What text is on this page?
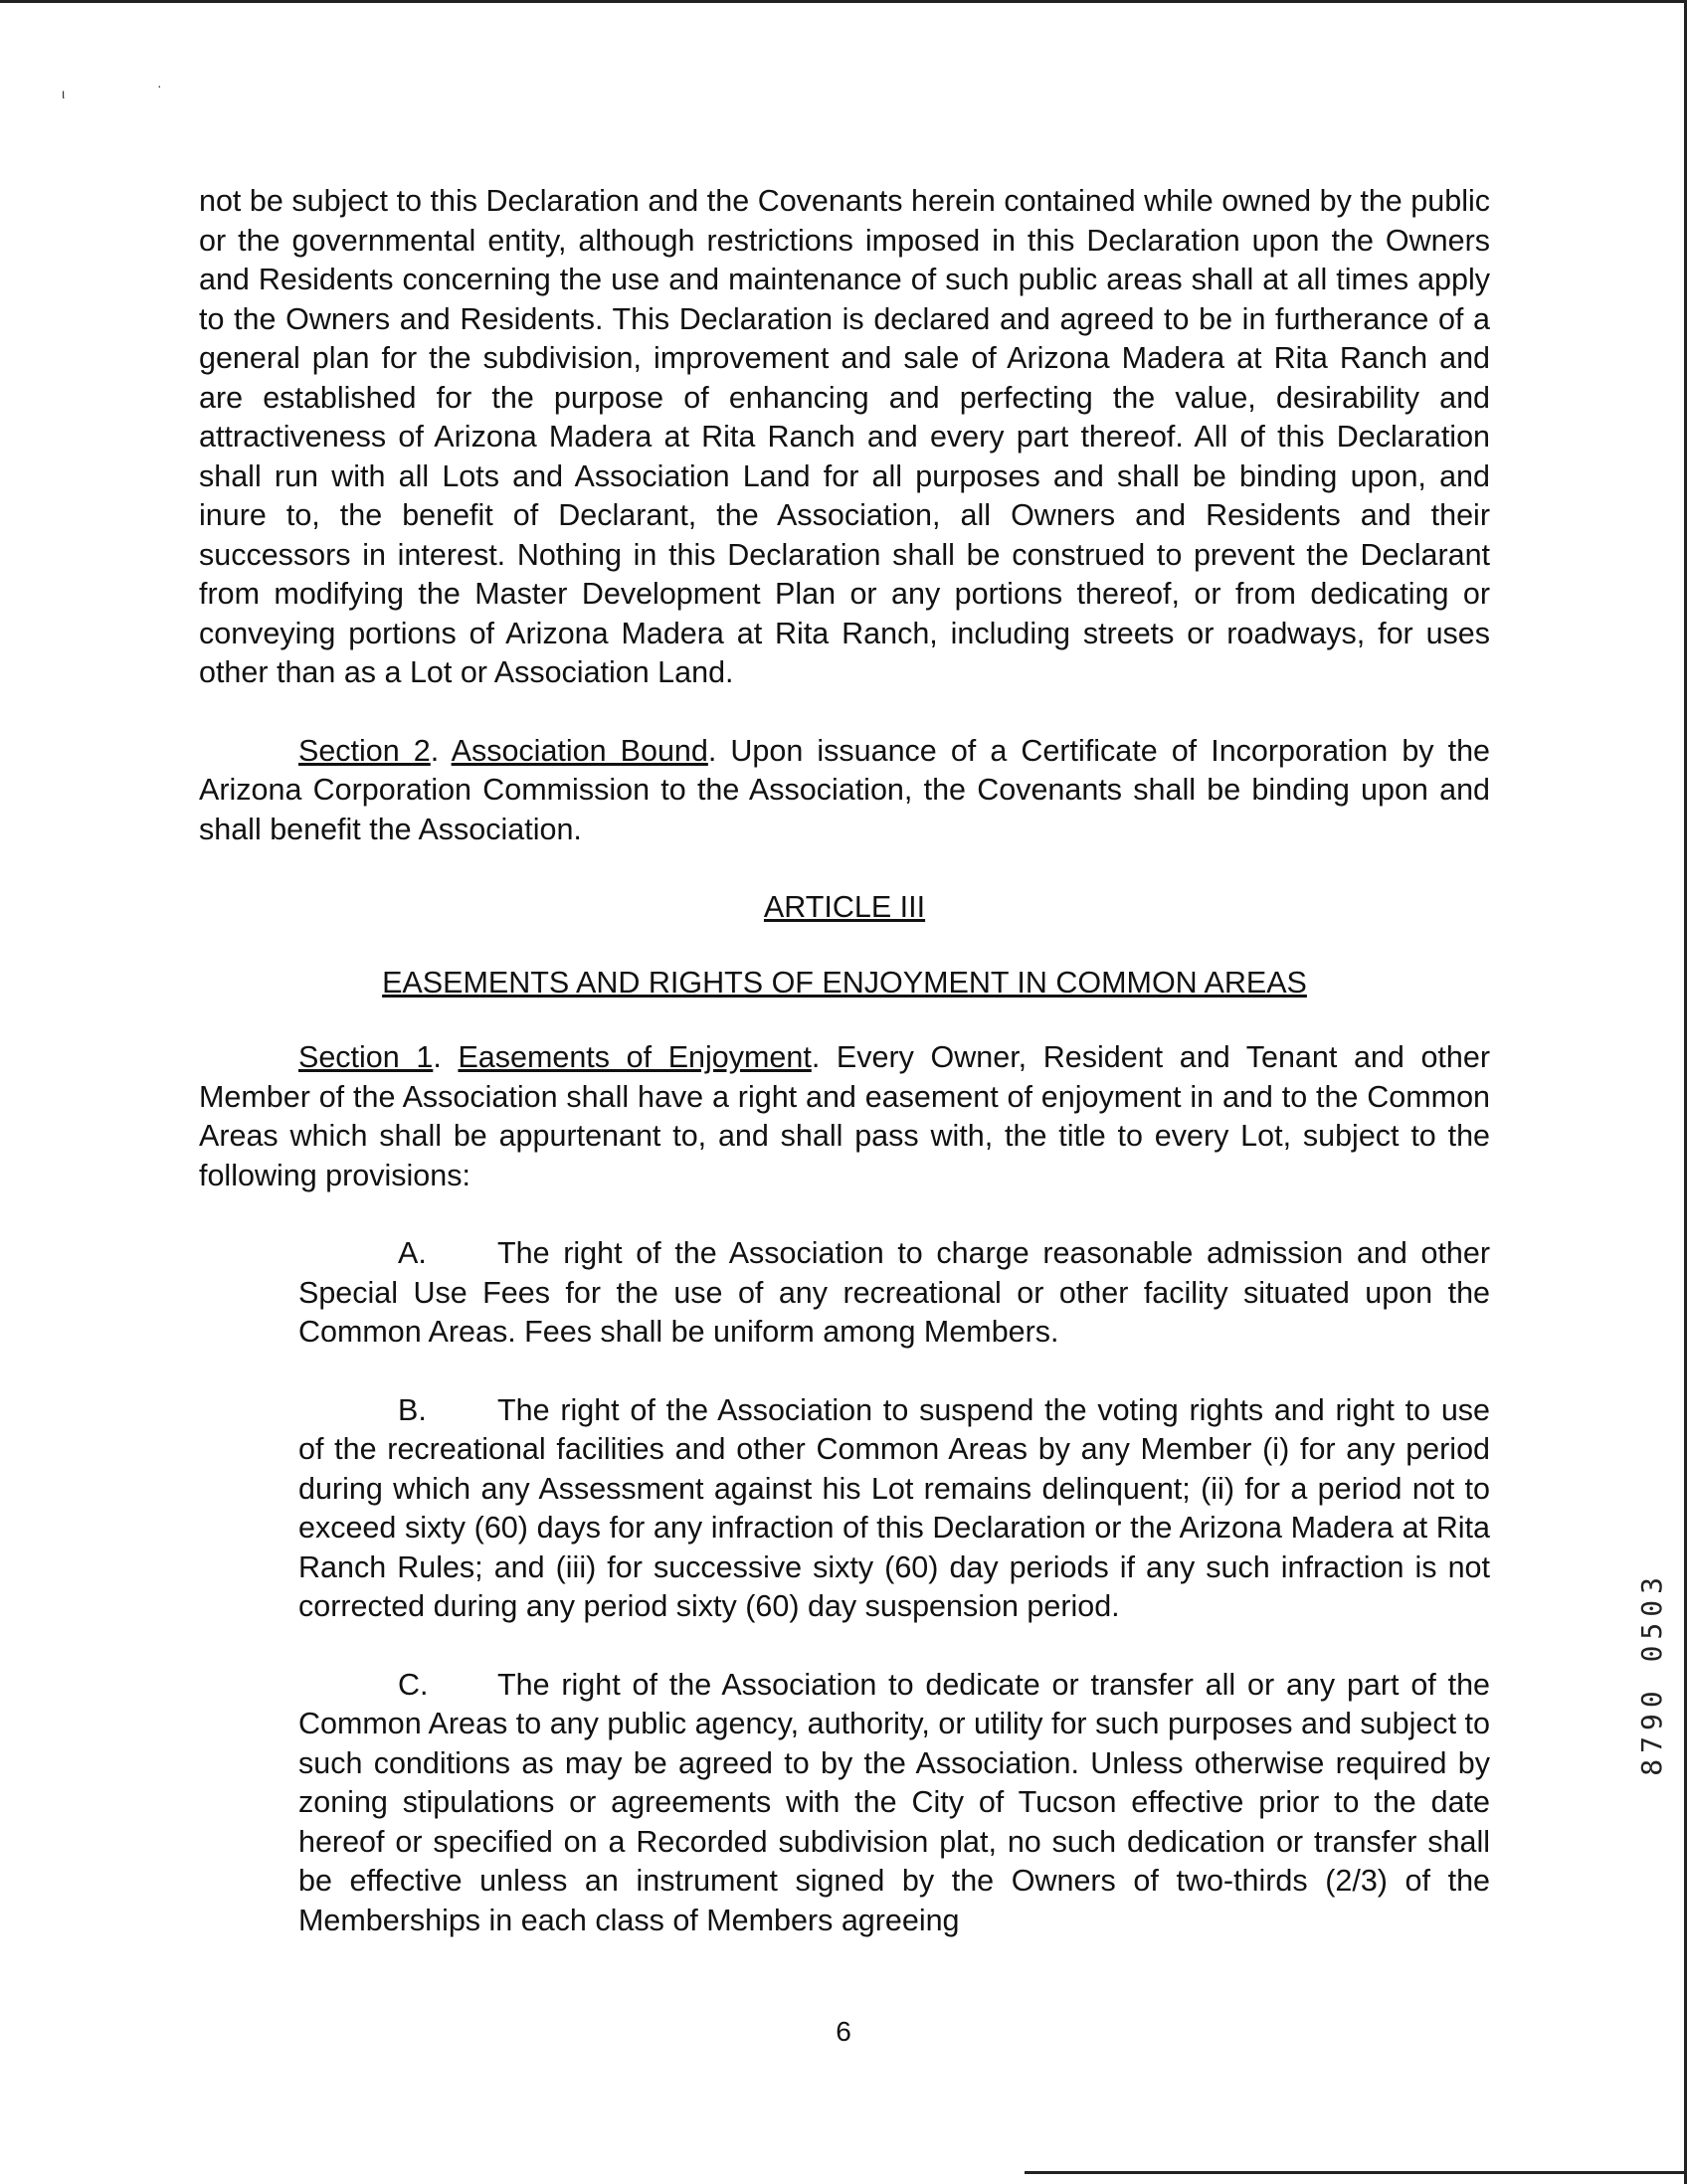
ι	·

not be subject to this Declaration and the Covenants herein contained while owned by the public or the governmental entity, although restrictions imposed in this Declaration upon the Owners and Residents concerning the use and maintenance of such public areas shall at all times apply to the Owners and Residents. This Declaration is declared and agreed to be in furtherance of a general plan for the subdivision, improvement and sale of Arizona Madera at Rita Ranch and are established for the purpose of enhancing and perfecting the value, desirability and attractiveness of Arizona Madera at Rita Ranch and every part thereof. All of this Declaration shall run with all Lots and Association Land for all purposes and shall be binding upon, and inure to, the benefit of Declarant, the Association, all Owners and Residents and their successors in interest. Nothing in this Declaration shall be construed to prevent the Declarant from modifying the Master Development Plan or any portions thereof, or from dedicating or conveying portions of Arizona Madera at Rita Ranch, including streets or roadways, for uses other than as a Lot or Association Land.

Section 2. Association Bound. Upon issuance of a Certificate of Incorporation by the Arizona Corporation Commission to the Association, the Covenants shall be binding upon and shall benefit the Association.

ARTICLE III

EASEMENTS AND RIGHTS OF ENJOYMENT IN COMMON AREAS

Section 1. Easements of Enjoyment. Every Owner, Resident and Tenant and other Member of the Association shall have a right and easement of enjoyment in and to the Common Areas which shall be appurtenant to, and shall pass with, the title to every Lot, subject to the following provisions:

A. The right of the Association to charge reasonable admission and other Special Use Fees for the use of any recreational or other facility situated upon the Common Areas. Fees shall be uniform among Members.

B. The right of the Association to suspend the voting rights and right to use of the recreational facilities and other Common Areas by any Member (i) for any period during which any Assessment against his Lot remains delinquent; (ii) for a period not to exceed sixty (60) days for any infraction of this Declaration or the Arizona Madera at Rita Ranch Rules; and (iii) for successive sixty (60) day periods if any such infraction is not corrected during any period sixty (60) day suspension period.

C. The right of the Association to dedicate or transfer all or any part of the Common Areas to any public agency, authority, or utility for such purposes and subject to such conditions as may be agreed to by the Association. Unless otherwise required by zoning stipulations or agreements with the City of Tucson effective prior to the date hereof or specified on a Recorded subdivision plat, no such dedication or transfer shall be effective unless an instrument signed by the Owners of two-thirds (2/3) of the Memberships in each class of Members agreeing

6
8790 0503
